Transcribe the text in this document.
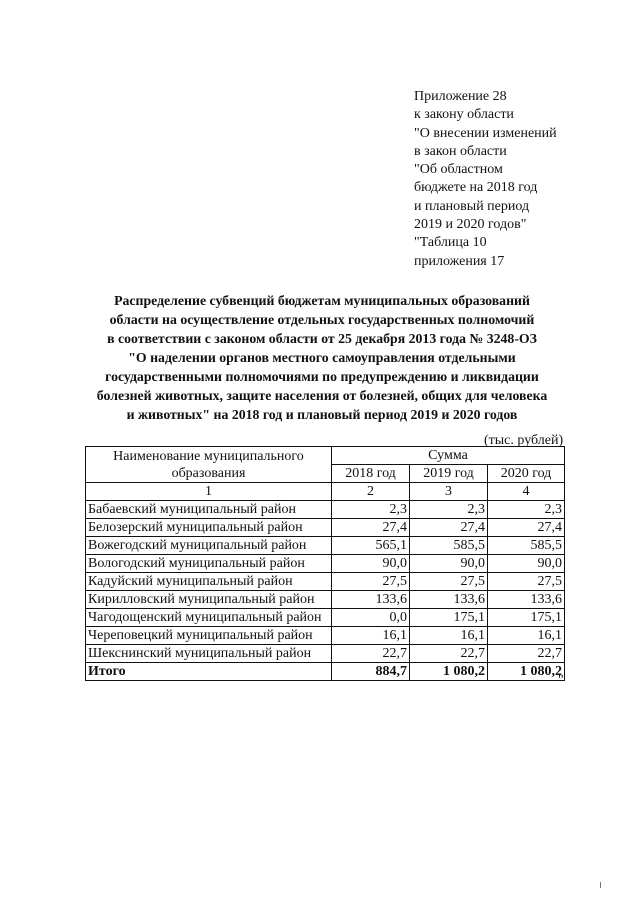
Приложение 28
к закону области
"О внесении изменений
в закон области
"Об областном
бюджете на 2018 год
и плановый период
2019 и 2020 годов"
"Таблица 10
приложения 17
Распределение субвенций бюджетам муниципальных образований
области на осуществление отдельных государственных полномочий
в соответствии с законом области от 25 декабря 2013 года № 3248-ОЗ
"О наделении органов местного самоуправления отдельными
государственными полномочиями по предупреждению и ликвидации
болезней животных, защите населения от болезней, общих для человека
и животных" на 2018 год и плановый период 2019 и 2020 годов
(тыс. рублей)
Наименование муниципального образования	Сумма		
	2018 год	2019 год	2020 год
1	2	3	4
Бабаевский муниципальный район	2,3	2,3	2,3
Белозерский муниципальный район	27,4	27,4	27,4
Вожегодский муниципальный район	565,1	585,5	585,5
Вологодский муниципальный район	90,0	90,0	90,0
Кадуйский муниципальный район	27,5	27,5	27,5
Кирилловский муниципальный район	133,6	133,6	133,6
Чагодощенский муниципальный район	0,0	175,1	175,1
Череповецкий муниципальный район	16,1	16,1	16,1
Шекснинский муниципальный район	22,7	22,7	22,7
Итого	884,7	1 080,2	1 080,2
"
